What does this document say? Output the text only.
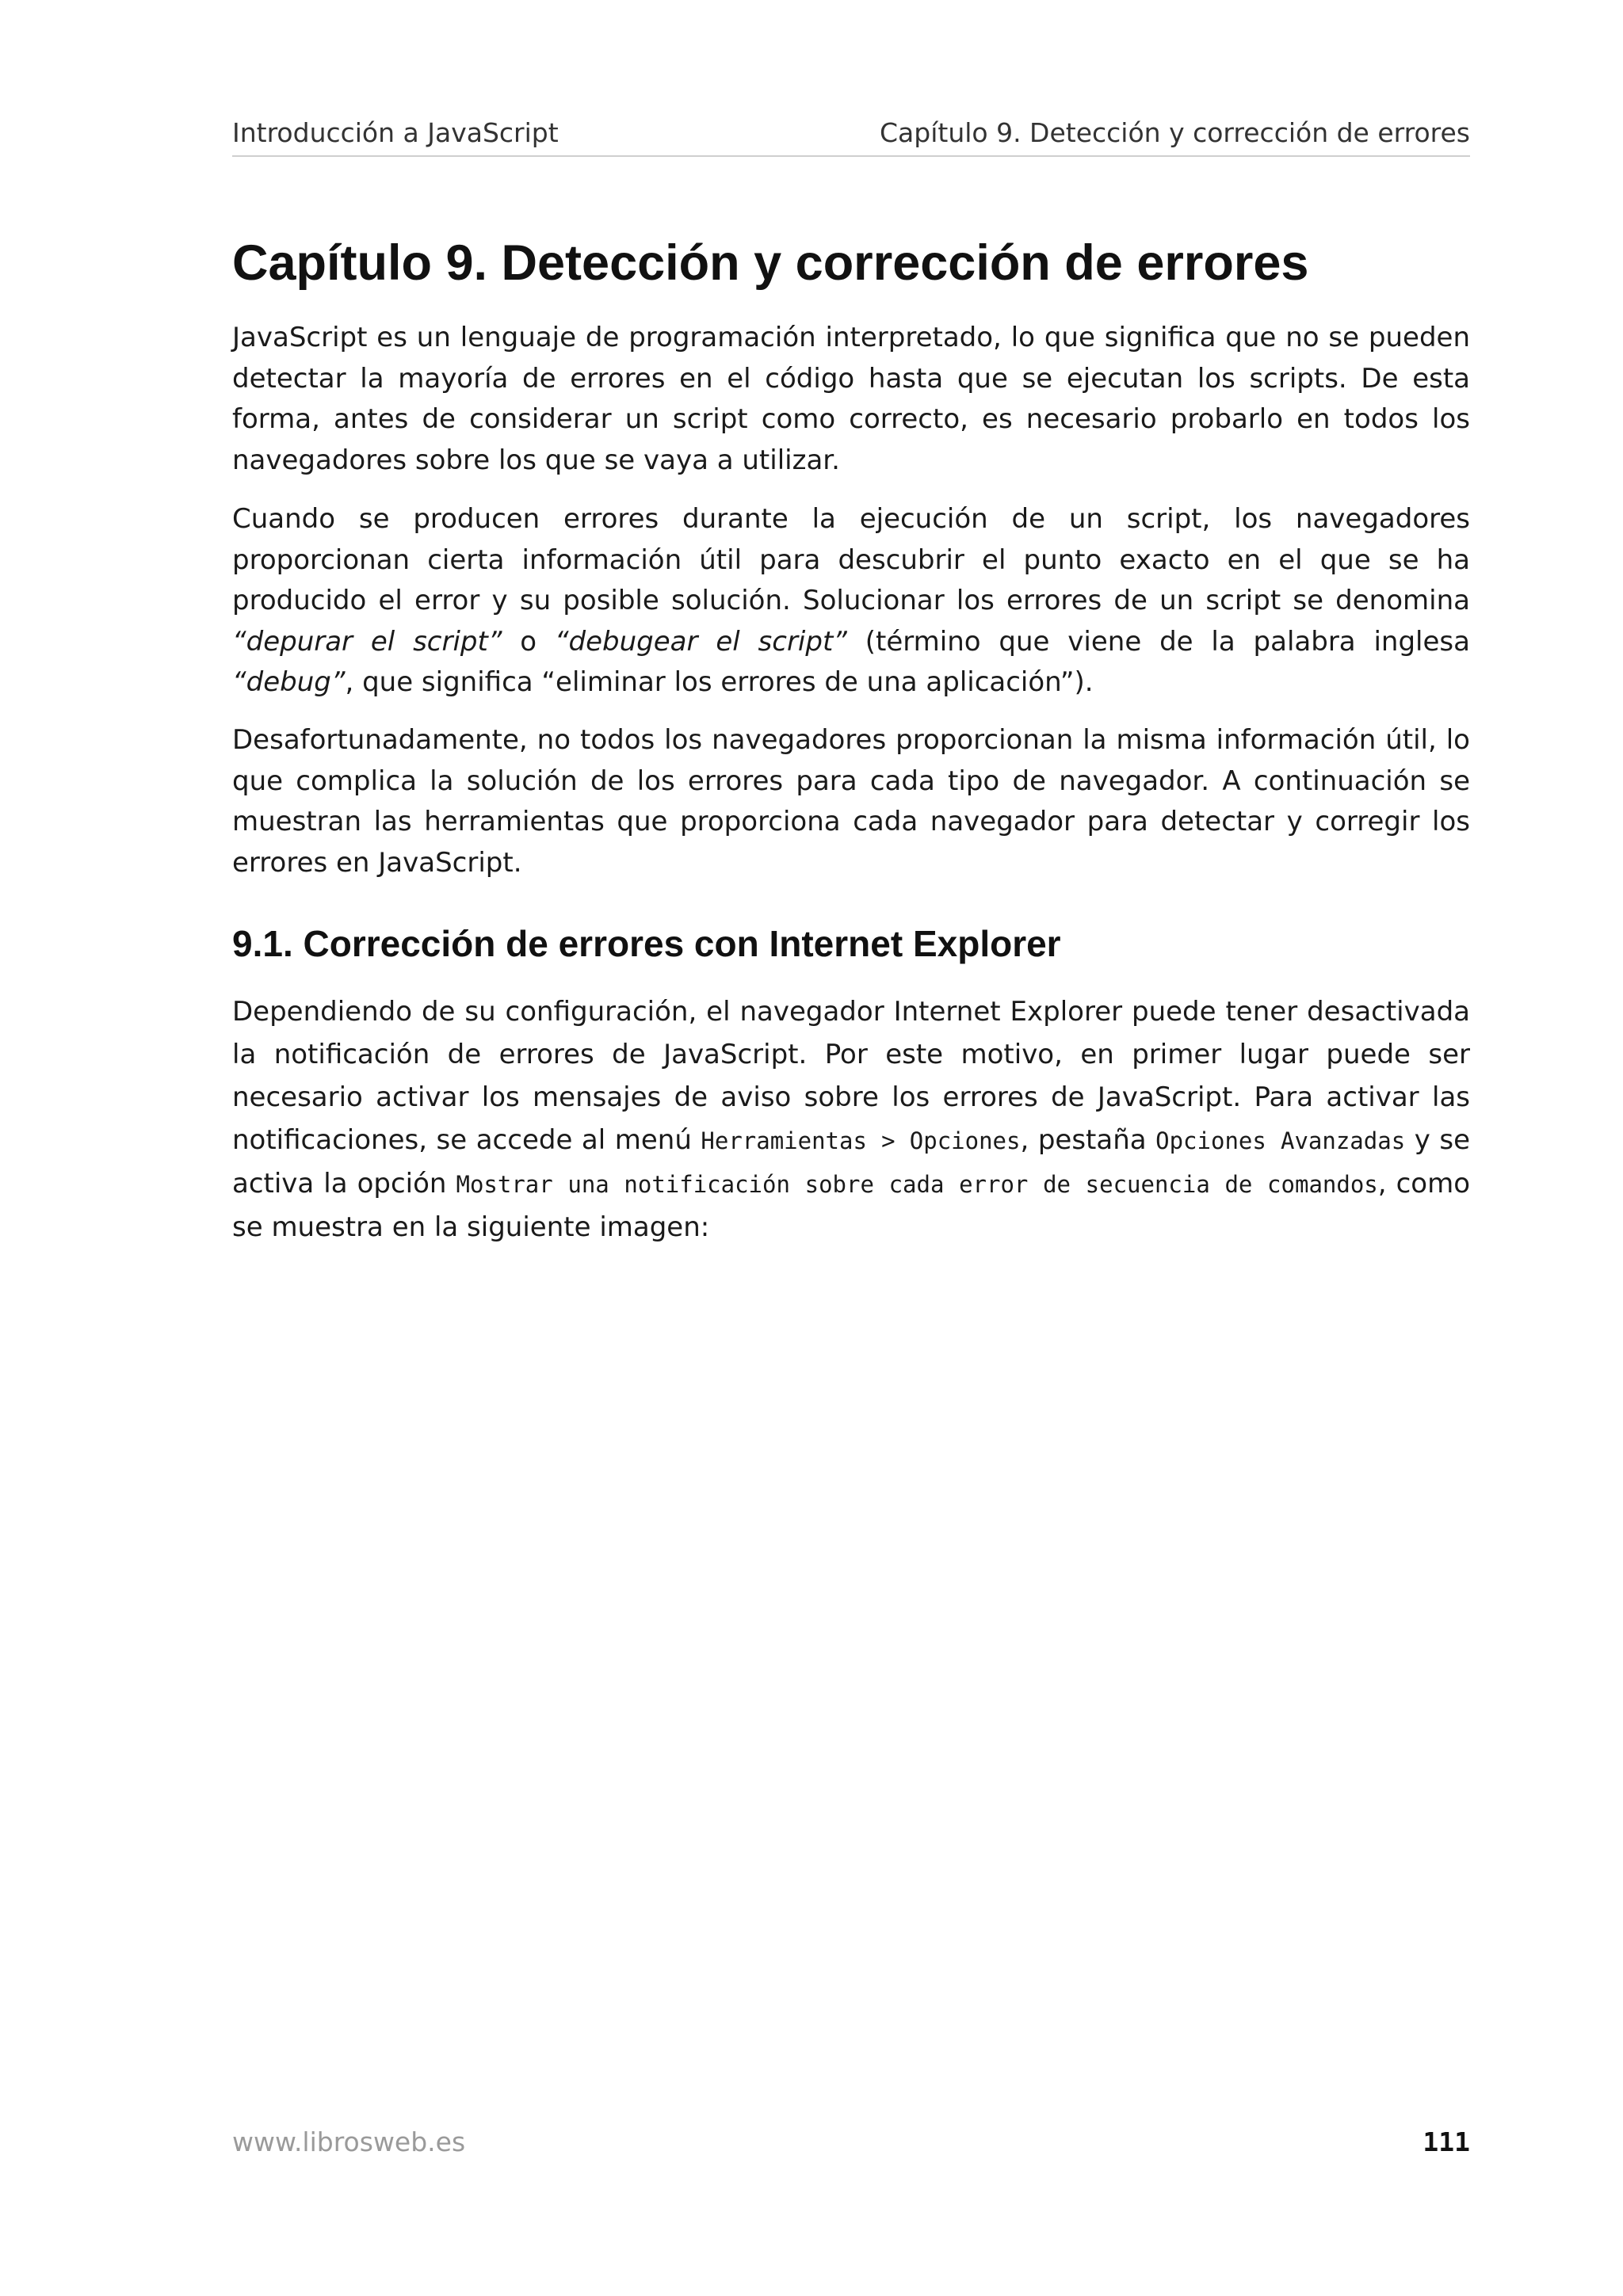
Introducción a JavaScript	Capítulo 9. Detección y corrección de errores
Capítulo 9. Detección y corrección de errores

JavaScript es un lenguaje de programación interpretado, lo que significa que no se pueden detectar la mayoría de errores en el código hasta que se ejecutan los scripts. De esta forma, antes de considerar un script como correcto, es necesario probarlo en todos los navegadores sobre los que se vaya a utilizar.

Cuando se producen errores durante la ejecución de un script, los navegadores proporcionan cierta información útil para descubrir el punto exacto en el que se ha producido el error y su posible solución. Solucionar los errores de un script se denomina “depurar el script” o “debugear el script” (término que viene de la palabra inglesa “debug”, que significa “eliminar los errores de una aplicación”).

Desafortunadamente, no todos los navegadores proporcionan la misma información útil, lo que complica la solución de los errores para cada tipo de navegador. A continuación se muestran las herramientas que proporciona cada navegador para detectar y corregir los errores en JavaScript.

9.1. Corrección de errores con Internet Explorer

Dependiendo de su configuración, el navegador Internet Explorer puede tener desactivada la notificación de errores de JavaScript. Por este motivo, en primer lugar puede ser necesario activar los mensajes de aviso sobre los errores de JavaScript. Para activar las notificaciones, se accede al menú Herramientas > Opciones, pestaña Opciones Avanzadas y se activa la opción Mostrar una notificación sobre cada error de secuencia de comandos, como se muestra en la siguiente imagen:

www.librosweb.es	111
